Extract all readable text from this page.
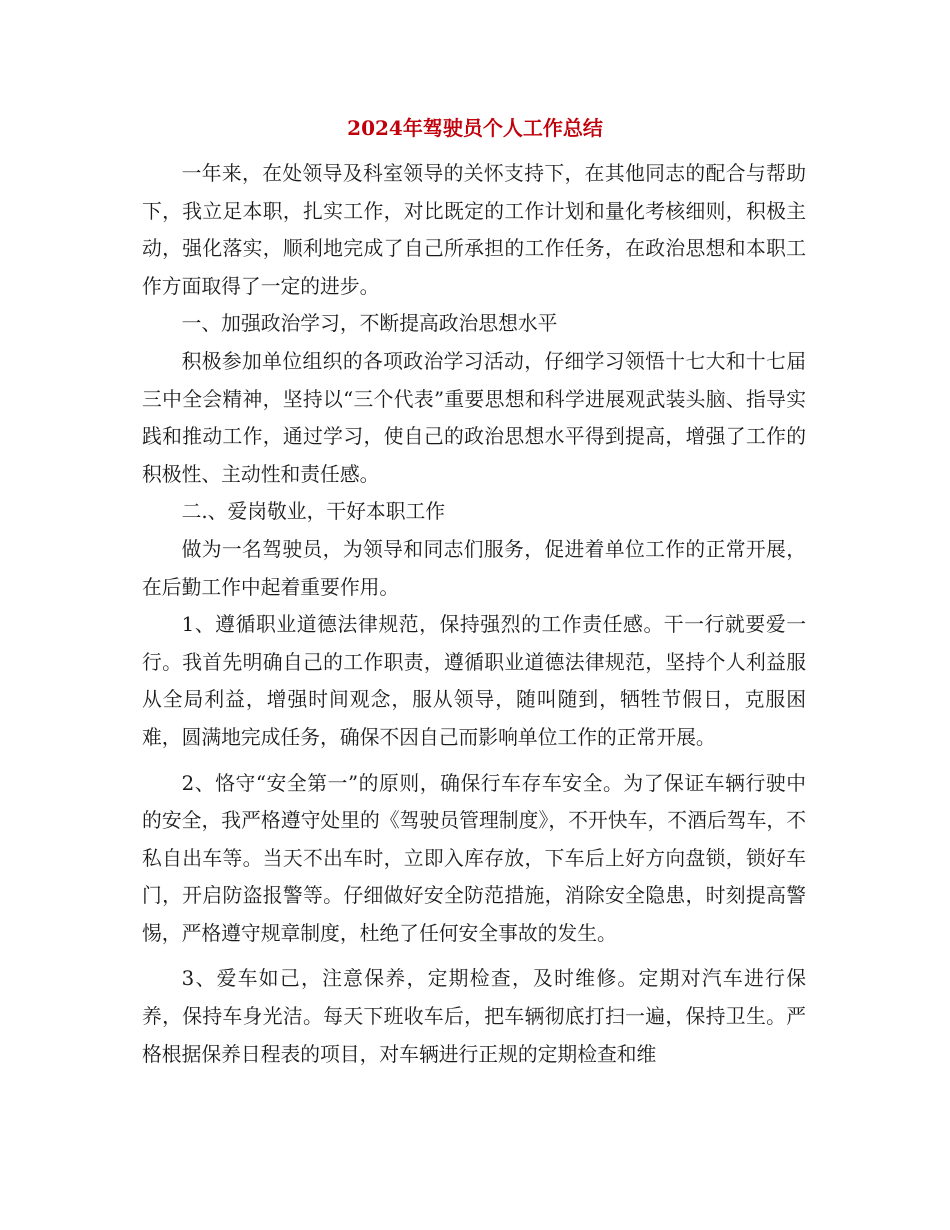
2024年驾驶员个人工作总结

一年来，在处领导及科室领导的关怀支持下，在其他同志的配合与帮助下，我立足本职，扎实工作，对比既定的工作计划和量化考核细则，积极主动，强化落实，顺利地完成了自己所承担的工作任务，在政治思想和本职工作方面取得了一定的进步。

一、加强政治学习，不断提高政治思想水平

积极参加单位组织的各项政治学习活动，仔细学习领悟十七大和十七届三中全会精神，坚持以“三个代表”重要思想和科学进展观武装头脑、指导实践和推动工作，通过学习，使自己的政治思想水平得到提高，增强了工作的积极性、主动性和责任感。

二.、爱岗敬业，干好本职工作

做为一名驾驶员，为领导和同志们服务，促进着单位工作的正常开展，在后勤工作中起着重要作用。

1、遵循职业道德法律规范，保持强烈的工作责任感。干一行就要爱一行。我首先明确自己的工作职责，遵循职业道德法律规范，坚持个人利益服从全局利益，增强时间观念，服从领导，随叫随到，牺牲节假日，克服困难，圆满地完成任务，确保不因自己而影响单位工作的正常开展。

2、恪守“安全第一”的原则，确保行车存车安全。为了保证车辆行驶中的安全，我严格遵守处里的《驾驶员管理制度》，不开快车，不酒后驾车，不私自出车等。当天不出车时，立即入库存放，下车后上好方向盘锁，锁好车门，开启防盗报警等。仔细做好安全防范措施，消除安全隐患，时刻提高警惕，严格遵守规章制度，杜绝了任何安全事故的发生。

3、爱车如己，注意保养，定期检查，及时维修。定期对汽车进行保养，保持车身光洁。每天下班收车后，把车辆彻底打扫一遍，保持卫生。严格根据保养日程表的项目，对车辆进行正规的定期检查和维
